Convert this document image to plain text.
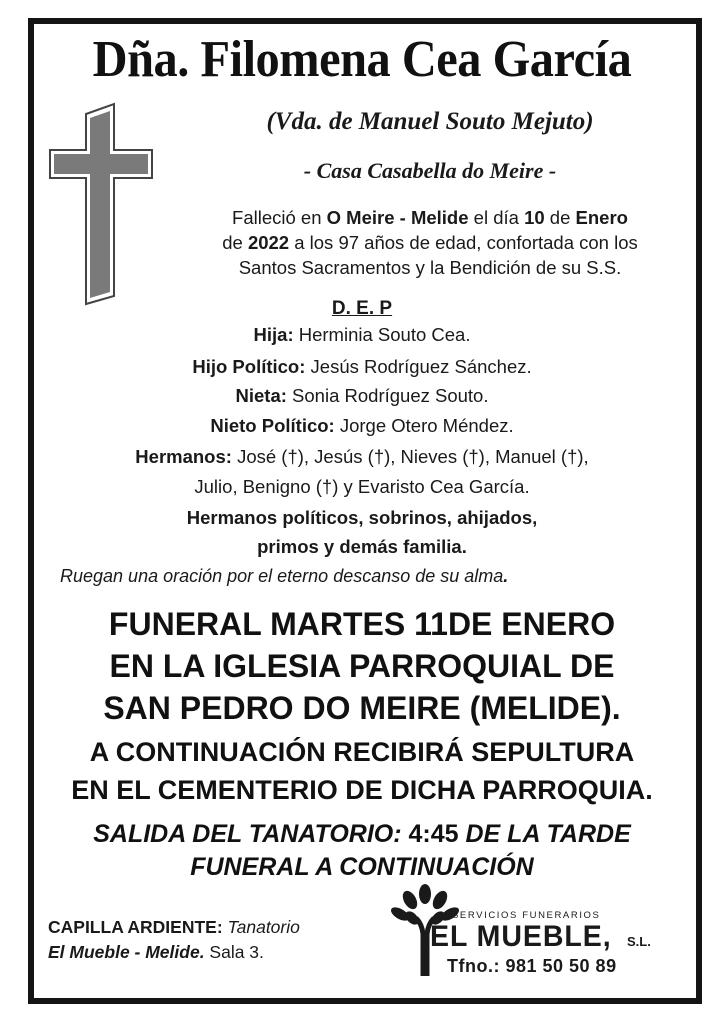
Dña. Filomena Cea García
(Vda. de Manuel Souto Mejuto)
- Casa Casabella do Meire -
Falleció en O Meire - Melide el día 10 de Enero
de 2022 a los 97 años de edad, confortada con los
Santos Sacramentos y la Bendición de su S.S.
D. E. P
Hija: Herminia Souto Cea.
Hijo Político: Jesús Rodríguez Sánchez.
Nieta: Sonia Rodríguez Souto.
Nieto Político: Jorge Otero Méndez.
Hermanos: José (†), Jesús (†), Nieves (†), Manuel (†),
Julio, Benigno (†) y Evaristo Cea García.
Hermanos políticos, sobrinos, ahijados,
primos y demás familia.
Ruegan una oración por el eterno descanso de su alma.
FUNERAL MARTES 11DE ENERO
EN LA IGLESIA PARROQUIAL DE
SAN PEDRO DO MEIRE (MELIDE).
A CONTINUACIÓN RECIBIRÁ SEPULTURA
EN EL CEMENTERIO DE DICHA PARROQUIA.
SALIDA DEL TANATORIO: 4:45 DE LA TARDE
FUNERAL A CONTINUACIÓN
CAPILLA ARDIENTE: Tanatorio
El Mueble - Melide. Sala 3.
SERVICIOS FUNERARIOS
EL MUEBLE, S.L.
Tfno.: 981 50 50 89
